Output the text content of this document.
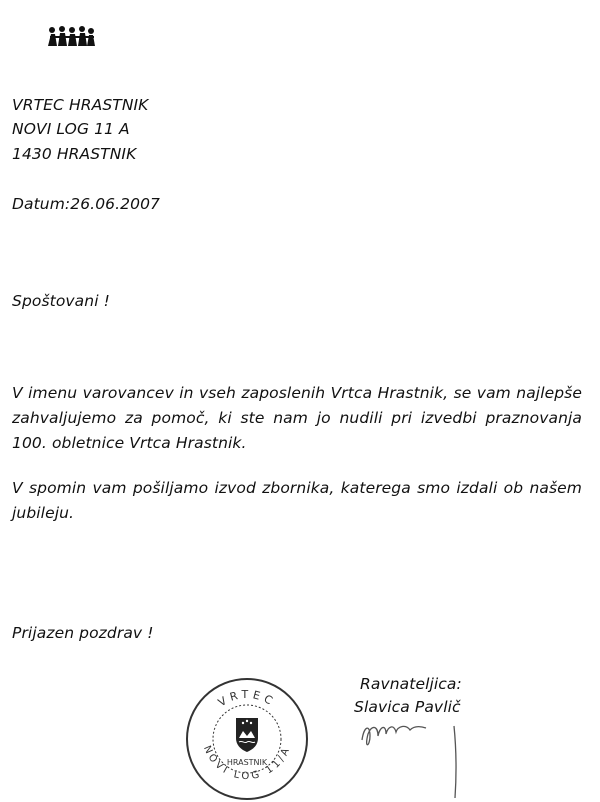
VRTEC HRASTNIK
NOVI LOG 11 A
1430 HRASTNIK
Datum:26.06.2007
Spoštovani !
V imenu varovancev in vseh zaposlenih Vrtca Hrastnik, se vam najlepše zahvaljujemo za pomoč, ki ste nam jo nudili pri izvedbi praznovanja 100. obletnice Vrtca Hrastnik.
V spomin vam pošiljamo izvod zbornika, katerega smo izdali ob našem jubileju.
Prijazen pozdrav !
Ravnateljica:
Slavica Pavlič
VRTEC
NOVI LOG 11/A
HRASTNIK
